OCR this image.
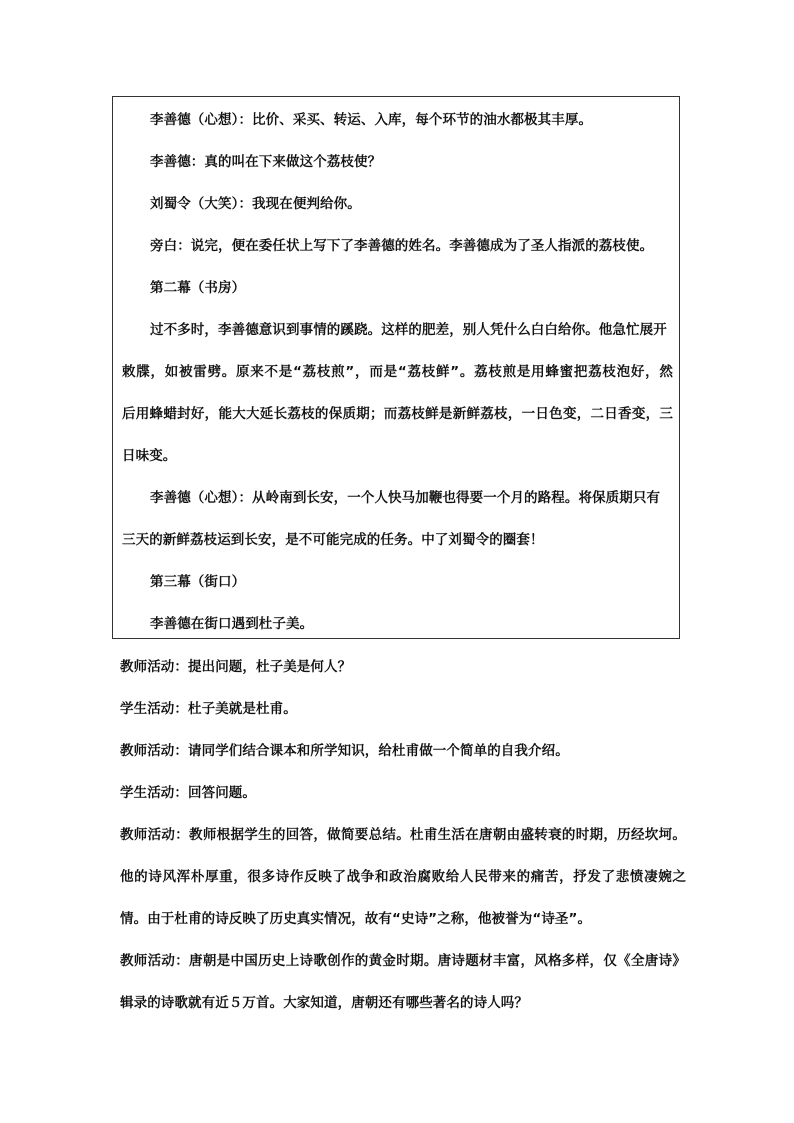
李善德（心想）：比价、采买、转运、入库，每个环节的油水都极其丰厚。
李善德：真的叫在下来做这个荔枝使？
刘蜀令（大笑）：我现在便判给你。
旁白：说完，便在委任状上写下了李善德的姓名。李善德成为了圣人指派的荔枝使。
第二幕（书房）
过不多时，李善德意识到事情的蹊跷。这样的肥差，别人凭什么白白给你。他急忙展开
敕牒，如被雷劈。原来不是“荔枝煎”，而是“荔枝鲜”。荔枝煎是用蜂蜜把荔枝泡好，然
后用蜂蜡封好，能大大延长荔枝的保质期；而荔枝鲜是新鲜荔枝，一日色变，二日香变，三
日味变。
李善德（心想）：从岭南到长安，一个人快马加鞭也得要一个月的路程。将保质期只有
三天的新鲜荔枝运到长安，是不可能完成的任务。中了刘蜀令的圈套！
第三幕（街口）
李善德在街口遇到杜子美。
教师活动：提出问题，杜子美是何人？
学生活动：杜子美就是杜甫。
教师活动：请同学们结合课本和所学知识，给杜甫做一个简单的自我介绍。
学生活动：回答问题。
教师活动：教师根据学生的回答，做简要总结。杜甫生活在唐朝由盛转衰的时期，历经坎坷。
他的诗风浑朴厚重，很多诗作反映了战争和政治腐败给人民带来的痛苦，抒发了悲愤凄婉之
情。由于杜甫的诗反映了历史真实情况，故有“史诗”之称，他被誉为“诗圣”。
教师活动：唐朝是中国历史上诗歌创作的黄金时期。唐诗题材丰富，风格多样，仅《全唐诗》
辑录的诗歌就有近５万首。大家知道，唐朝还有哪些著名的诗人吗？
